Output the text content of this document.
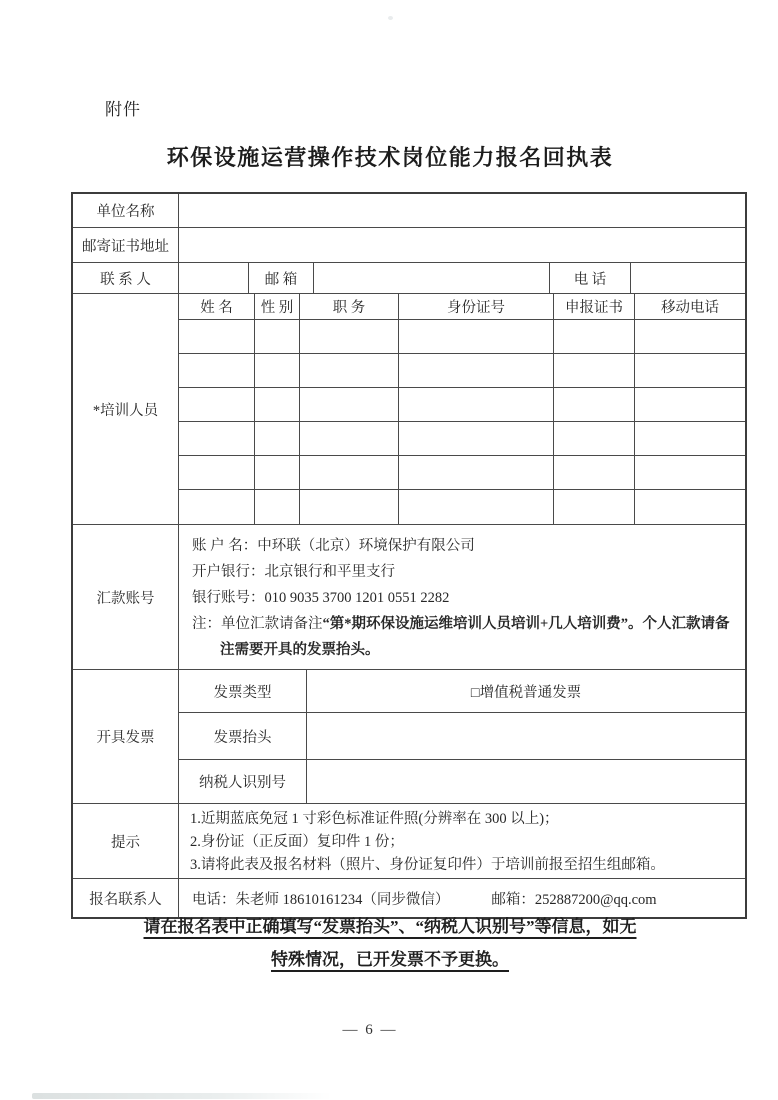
附件
环保设施运营操作技术岗位能力报名回执表
单位名称
邮寄证书地址
联 系 人	邮 箱	电 话
*培训人员
姓 名	性 别	职 务	身份证号	申报证书	移动电话
汇款账号

账 户 名：中环联（北京）环境保护有限公司

开户银行：北京银行和平里支行

银行账号：010 9035 3700 1201 0551 2282

注：单位汇款请备注“第*期环保设施运维培训人员培训+几人培训费”。个人汇款请备注需要开具的发票抬头。

开具发票
发票类型	□增值税普通发票
发票抬头
纳税人识别号
提示
1.近期蓝底免冠 1 寸彩色标准证件照(分辨率在 300 以上)；
2.身份证（正反面）复印件 1 份；
3.请将此表及报名材料（照片、身份证复印件）于培训前报至招生组邮箱。
报名联系人	电话：朱老师 18610161234（同步微信）	邮箱：252887200@qq.com
请在报名表中正确填写“发票抬头”、“纳税人识别号”等信息，如无
特殊情况，已开发票不予更换。
— 6 —
